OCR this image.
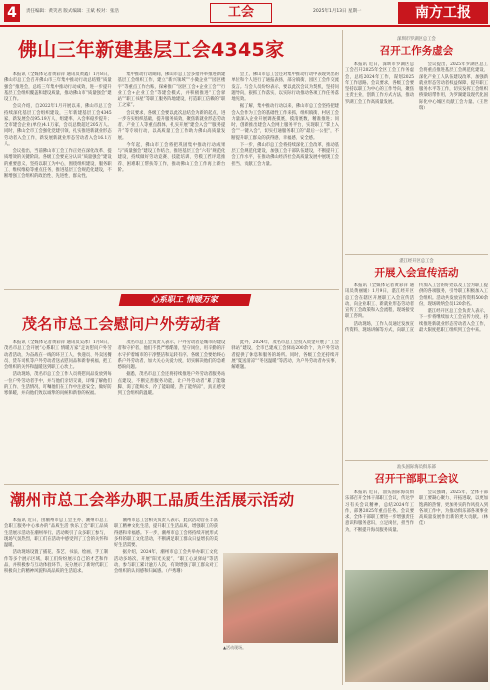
4	责任编辑：黄笑君 版式编辑：王斌 校对：张浩	工会	2025年1月13日 星期一	南方工报
佛山三年新建基层工会4345家

本报讯（全媒体记者黄彩萍 通讯员黄鑫）1月8日，佛山市总工会召开佛山市三年集中推动行动总结暨“质量强会”推进会，总结三年集中推动行动成效，进一步提升基层工会组织覆盖和建设质量，推动佛山市“质量强会”建设工作。

会议介绍，自2022年1月开展以来，佛山市总工会持续深化基层工会组织建设，三年新建基层工会4345家，新发展会员95.19万人，组建率、入会率稳步提升；全市建会企业(单位)4.1万家，会员总数超过205万人。同时，佛山全市工会强化党建引领，扎实推进新就业形态劳动者入会工作，新发展新就业形态劳动者入会16.1万人。

会议指出，当前佛山市工会工作正处在深化改革、提质增效的关键阶段。各级工会要充分认识“质量强会”建设的重要意义，坚持以职工为中心，围绕组织建设、服务职工、维权维稳等重点任务，推进基层工会规范化建设，不断增强工会组织的政治性、先进性、群众性。

集中推动行动期间，佛山市总工会多措并举推进新建基层工会组织工作，建立“新兴领域”“小微企业”“园区楼宇”等重点工作台账，探索推广“园区工会+企业工会”“行业工会+企业工会”等建会模式，并积极推进“工会驿站”“职工书屋”等职工服务阵地建设，打造职工信赖的“职工之家”。

会议要求，各级工会要以此次总结会为新的起点，进一步夯实组织基础，提升服务质效，聚焦新就业形态劳动者、产业工人等重点群体，扎实开展“建会入会”“服务提升”等专项行动，以高质量工会工作助力佛山高质量发展。

今年起，佛山市工会将把巩固集中推动行动成果与“质量强会”建设工作结合，推进基层工会“六有”规范化建设，持续做好劳动竞赛、技能培训、劳模工匠评选推荐、困难职工帮扶等工作，推动佛山工会工作再上新台阶。

会上，佛山市总工会还对集中推动行动中表现突出的单位和个人进行了通报表扬，部分镇街、园区工会作交流发言。与会人员纷纷表示，要以此次会议为契机，坚持问题导向，狠抓工作落实，以实际行动推动各项工作任务落地见效。

据了解，集中推动行动以来，佛山市总工会坚持把建会入会作为工会的基础性工作来抓，组织镇街、村居工会力量深入企业开展调查摸底，摸清底数，精准推进；同时，创新推出建会入会网上服务平台，实现职工“掌上入会”“一键入会”，切实打通服务职工的“最后一公里”，不断提升职工群众的获得感、幸福感、安全感。

下一步，佛山市总工会将持续深化工会改革，推动基层工会规范化建设，加强工会干部队伍建设，不断提升工会工作水平，在推动佛山经济社会高质量发展中展现工会担当、贡献工会力量。

心系职工 情暖万家
茂名市总工会慰问户外劳动者

本报讯（全媒体记者黄彩萍 通讯员吴冰）1月8日，茂名市总工会开展“心系职工 情暖万家”走访慰问户外劳动者活动，为奋战在一线的环卫工人、快递员、外卖送餐员、货车司机等户外劳动者送去慰问品和新春祝福，把工会组织的关怀和温暖送到职工心坎上。

活动现场，茂名市总工会工作人员将慰问品发放到每一位户外劳动者手中，并与他们亲切交谈，详细了解他们的工作、生活情况，叮嘱他们在工作中注意安全，做好防寒保暖，并向他们致以诚挚的问候和新春的祝福。

茂名市总工会负责人表示，户外劳动者是城市的建设者和守护者，他们不畏严寒酷暑，坚守岗位，用辛勤的汗水守护着城市的干净整洁和运转有序。各级工会要始终心系户外劳动者，加大关心关爱力度，切实解决他们的急难愁盼问题。

据悉，茂名市总工会还将持续推进户外劳动者服务站点建设，不断完善服务功能，让户外劳动者“累了能歇脚、渴了能喝水、冷了能取暖、热了能纳凉”，真正感受到工会组织的温暖。

此外，2024年，茂名市总工会投入资金开展了“工会驿站”建设，全市已建成工会驿站200余个，为户外劳动者提供了休息和服务的场所。同时，各级工会还持续开展“夏送清凉”“冬送温暖”等活动，为户外劳动者办实事、解难题。

潮州市总工会举办职工品质生活展示活动

本报讯 近日，由潮州市总工会主办、潮州市总工会职工服务中心承办的“品质生活 快乐工会”职工品质生活展示活动在潮州举行。活动吸引了众多职工参与，现场气氛热烈，职工们在活动中感受到了工会的关怀和温暖。

活动现场设置了插花、茶艺、书法、绘画、手工制作等多个展示区域，职工们纷纷展示自己的才艺和作品，并积极参与互动体验环节，充分展示了新时代职工积极向上的精神风貌和高品质的生活追求。

潮州市总工会相关负责人表示，此次活动旨在丰富职工精神文化生活，提升职工生活品质，增强职工的获得感和幸福感。下一步，潮州市总工会将持续开展形式多样的职工文化活动，不断满足职工群众日益增长的美好生活需要。

据介绍，2024年，潮州市总工会共举办职工文化活动多场次，开展“阳光关爱”、“职工心灵驿站”等活动，参与职工累计逾万人次，有效增强了职工群众对工会组织的认同感和归属感。（卢秀珊）

▲活动现场。
深圳市罗湖区总工会
召开工作务虚会

本报讯 近日，深圳市罗湖区总工会召开2025年全区工会工作务虚会，总结2024年工作，谋划2025年工作思路。会议要求，各级工会要坚持以职工为中心的工作导向，聚焦主责主业，创新工作方式方法，推动罗湖工会工作高质量发展。

会议提出，2025年罗湖区总工会将重点推进基层工会规范化建设、深化产业工人队伍建设改革、加强新就业形态劳动者权益保障、提升职工服务水平等工作，切实发挥工会组织桥梁纽带作用，为罗湖建设现代化国际化中心城区贡献工会力量。（王世瑞）

湛江经开区总工会
开展入会宣传活动

本报讯（全媒体记者黄彩萍 通讯员黄丽媛）1月9日，湛江经开区总工会在辖区开展职工入会宣传活动，向企业职工、新就业形态劳动者宣传工会政策和入会流程，现场接受职工咨询。

活动现场，工作人员通过发放宣传资料、现场讲解等方式，向职工宣传加入工会的好处以及工会为职工提供的各项服务，引导职工积极加入工会组织。活动共发放宣传资料500余份，现场吸纳会员120余名。

湛江经开区总工会负责人表示，下一步将继续加大工会宣传力度，持续推进新就业形态劳动者入会工作，最大限度把职工组织到工会中来。

汕头国际海员俱乐部
召开干部职工会议

本报讯 近日，汕头国际海员俱乐部召开全体干部职工会议，传达学习有关会议精神，总结2024年工作，部署2025年重点任务。会议要求，全体干部职工要进一步增强责任意识和服务意识，立足岗位，担当作为，不断提升海员服务质量。

会议强调，2025年，全体干部职工要凝心聚力、开拓进取，以更加饱满的热情、更加务实的作风投入到各项工作中，为推动俱乐部各项事业高质量发展作出新的更大贡献。（林佳）
